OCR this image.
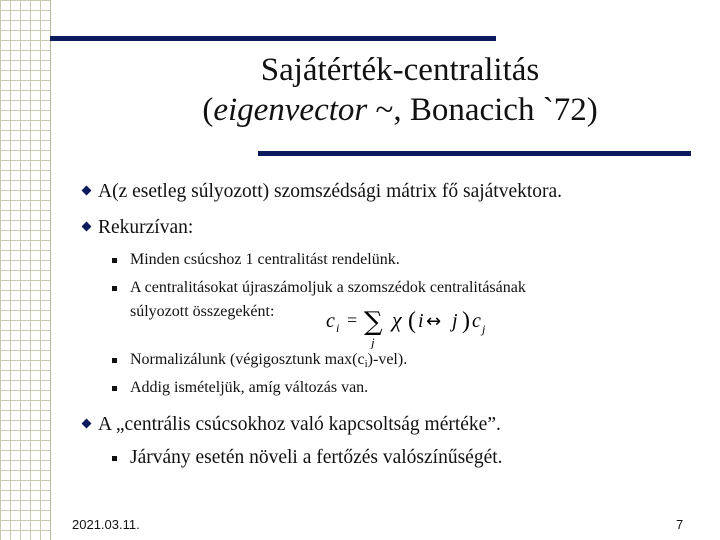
Sajátérték-centralitás
(eigenvector ~, Bonacich `72)
A(z esetleg súlyozott) szomszédsági mátrix fő sajátvektora.
Rekurzívan:
Minden csúcshoz 1 centralitást rendelünk.
A centralitásokat újraszámoljuk a szomszédok centralitásának
súlyozott összegeként:	c i = ∑
j
χ ( i ↔ j ) c j
Normalizálunk (végigosztunk $\max(c_i)-vel$).
Addig ismételjük, amíg változás van.
A „centrális csúcsokhoz való kapcsoltság mértéke”.
Járvány esetén növeli a fertőzés valószínűségét.
2021.03.11.	7
